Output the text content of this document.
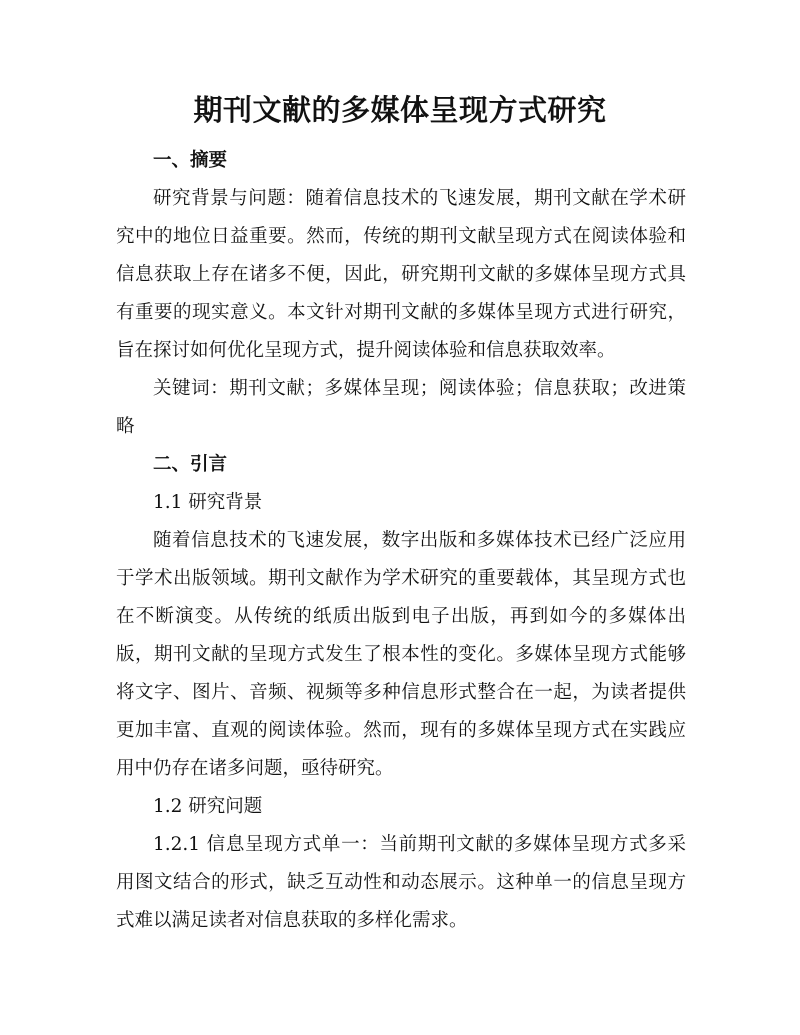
期刊文献的多媒体呈现方式研究

一、摘要

研究背景与问题：随着信息技术的飞速发展，期刊文献在学术研究中的地位日益重要。然而，传统的期刊文献呈现方式在阅读体验和信息获取上存在诸多不便，因此，研究期刊文献的多媒体呈现方式具有重要的现实意义。本文针对期刊文献的多媒体呈现方式进行研究，旨在探讨如何优化呈现方式，提升阅读体验和信息获取效率。

关键词：期刊文献；多媒体呈现；阅读体验；信息获取；改进策略

二、引言

1.1 研究背景

随着信息技术的飞速发展，数字出版和多媒体技术已经广泛应用于学术出版领域。期刊文献作为学术研究的重要载体，其呈现方式也在不断演变。从传统的纸质出版到电子出版，再到如今的多媒体出版，期刊文献的呈现方式发生了根本性的变化。多媒体呈现方式能够将文字、图片、音频、视频等多种信息形式整合在一起，为读者提供更加丰富、直观的阅读体验。然而，现有的多媒体呈现方式在实践应用中仍存在诸多问题，亟待研究。

1.2 研究问题

1.2.1 信息呈现方式单一：当前期刊文献的多媒体呈现方式多采用图文结合的形式，缺乏互动性和动态展示。这种单一的信息呈现方式难以满足读者对信息获取的多样化需求。
